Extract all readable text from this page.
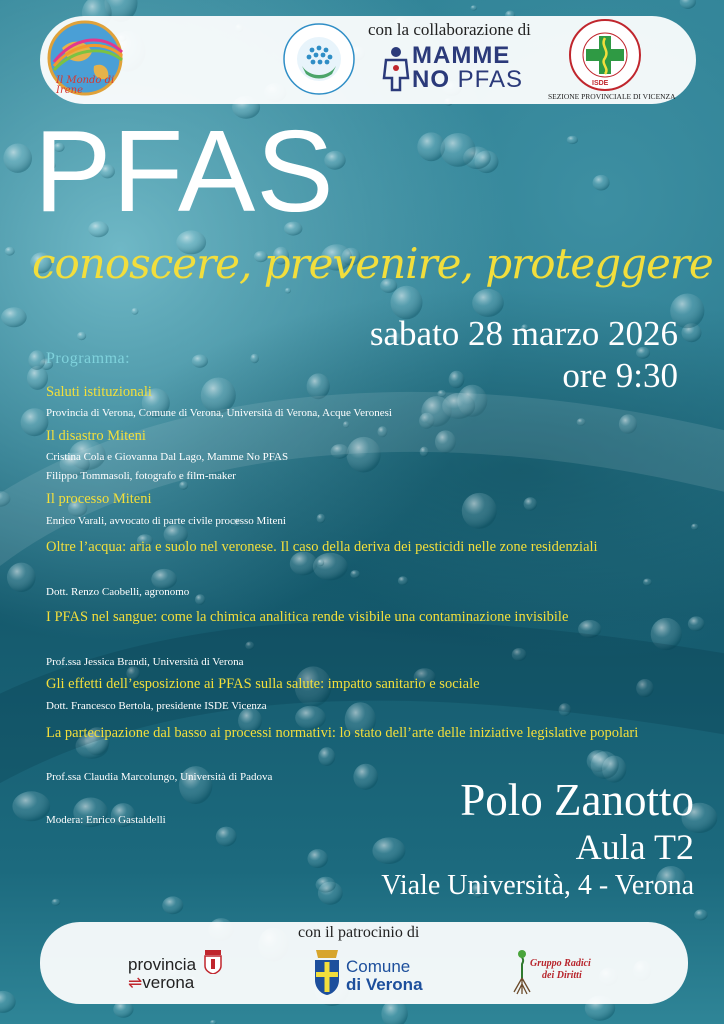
Il Mondo di Irene
con la collaborazione di
MAMME
NO PFAS	ISDE
SEZIONE PROVINCIALE DI VICENZA
PFAS
conoscere, prevenire, proteggere
sabato 28 marzo 2026
ore 9:30
Programma:
Saluti istituzionali
Provincia di Verona, Comune di Verona, Università di Verona, Acque Veronesi
Il disastro Miteni
Cristina Cola e Giovanna Dal Lago, Mamme No PFAS
Filippo Tommasoli, fotografo e film-maker
Il processo Miteni
Enrico Varali, avvocato di parte civile processo Miteni
Oltre l’acqua: aria e suolo nel veronese. Il caso della deriva dei pesticidi nelle zone residenziali
Dott. Renzo Caobelli, agronomo
I PFAS nel sangue: come la chimica analitica rende visibile una contaminazione invisibile
Prof.ssa Jessica Brandi, Università di Verona
Gli effetti dell’esposizione ai PFAS sulla salute: impatto sanitario e sociale
Dott. Francesco Bertola, presidente ISDE Vicenza
La partecipazione dal basso ai processi normativi: lo stato dell’arte delle iniziative legislative popolari
Prof.ssa Claudia Marcolungo, Università di Padova
Modera: Enrico Gastaldelli	Polo Zanotto
Aula T2
Viale Università, 4 - Verona
con il patrocinio di
provincia
⇌verona
Comune
di Verona
Gruppo Radici
dei Diritti
